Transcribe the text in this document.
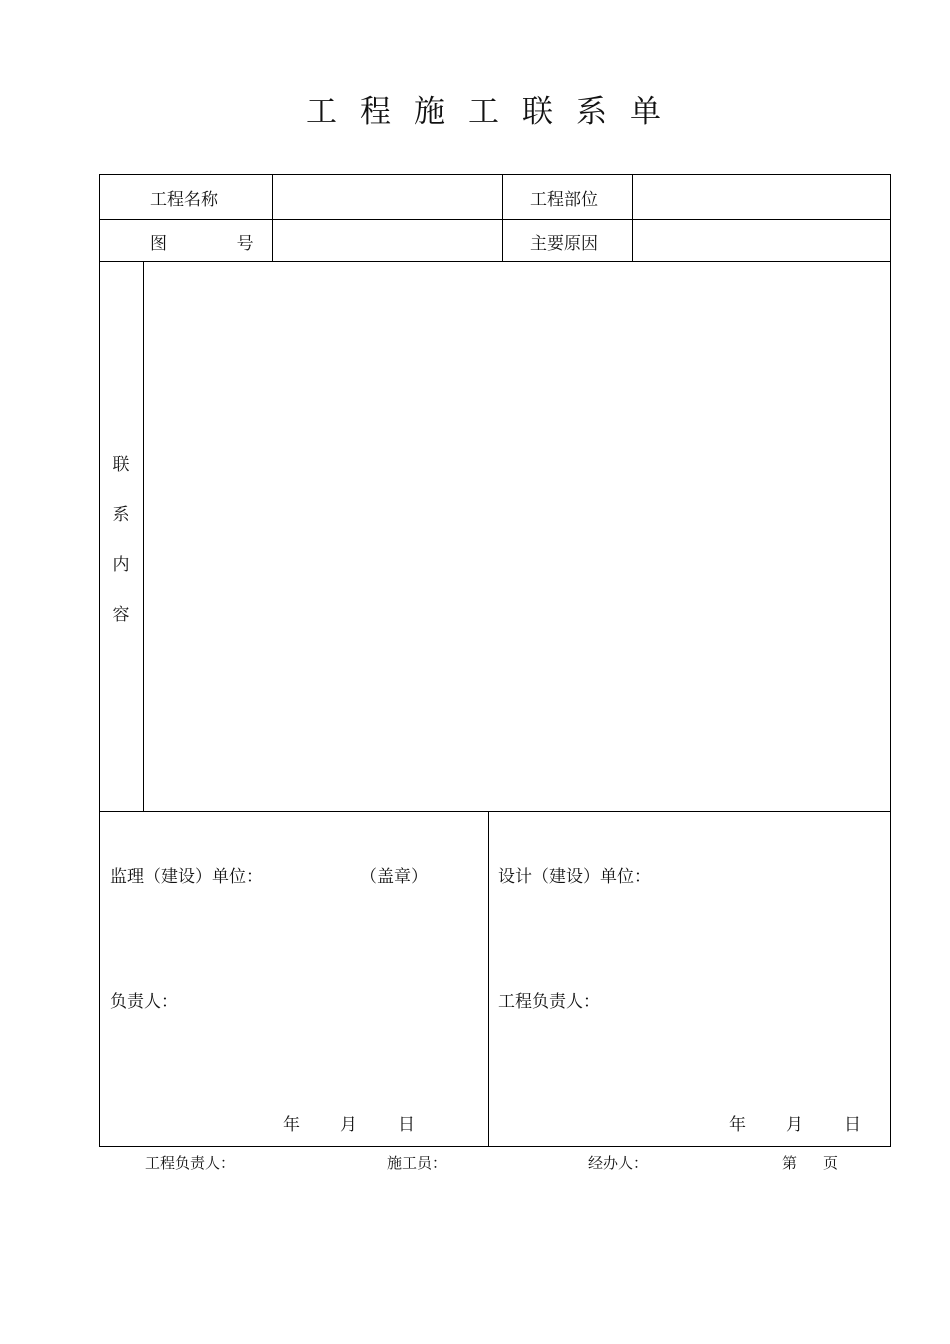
工程施工联系单
工程名称	工程部位
图    号	主要原因
联
系
内
容
监理（建设）单位：	（盖章）
负责人：
年 月 日
设计（建设）单位：
工程负责人：
年 月 日
工程负责人：	施工员：	经办人：	第 页
